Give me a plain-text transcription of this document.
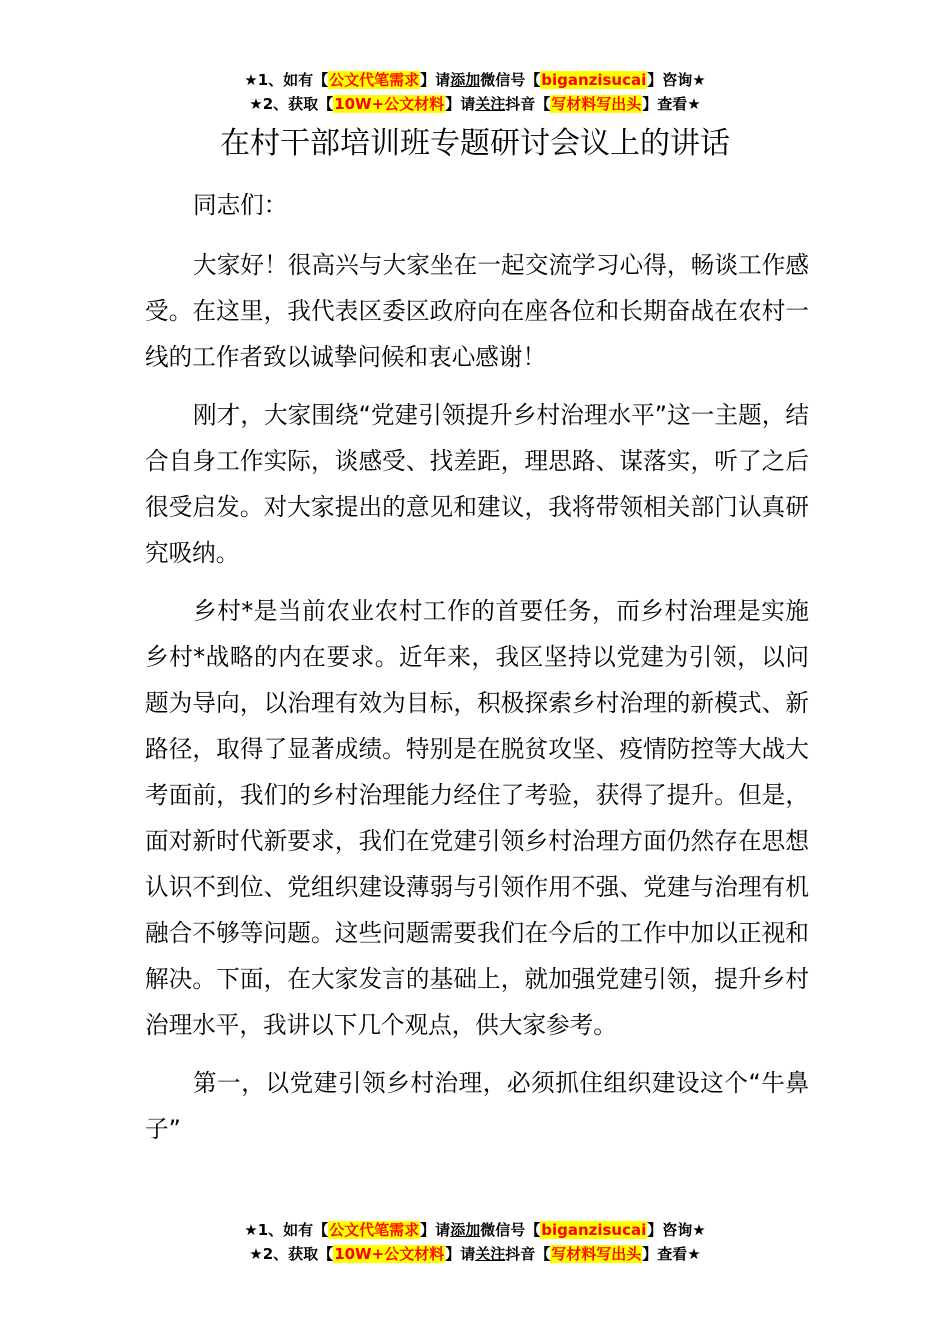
★1、如有【公文代笔需求】请添加微信号【biganzisucai】咨询★
★2、获取【10W+公文材料】请关注抖音【写材料写出头】查看★
在村干部培训班专题研讨会议上的讲话

同志们：

大家好！很高兴与大家坐在一起交流学习心得，畅谈工作感受。在这里，我代表区委区政府向在座各位和长期奋战在农村一线的工作者致以诚挚问候和衷心感谢！

刚才，大家围绕“党建引领提升乡村治理水平”这一主题，结合自身工作实际，谈感受、找差距，理思路、谋落实，听了之后很受启发。对大家提出的意见和建议，我将带领相关部门认真研究吸纳。

乡村*是当前农业农村工作的首要任务，而乡村治理是实施乡村*战略的内在要求。近年来，我区坚持以党建为引领，以问题为导向，以治理有效为目标，积极探索乡村治理的新模式、新路径，取得了显著成绩。特别是在脱贫攻坚、疫情防控等大战大考面前，我们的乡村治理能力经住了考验，获得了提升。但是，面对新时代新要求，我们在党建引领乡村治理方面仍然存在思想认识不到位、党组织建设薄弱与引领作用不强、党建与治理有机融合不够等问题。这些问题需要我们在今后的工作中加以正视和解决。下面，在大家发言的基础上，就加强党建引领，提升乡村治理水平，我讲以下几个观点，供大家参考。

第一，以党建引领乡村治理，必须抓住组织建设这个“牛鼻子”

★1、如有【公文代笔需求】请添加微信号【biganzisucai】咨询★
★2、获取【10W+公文材料】请关注抖音【写材料写出头】查看★
